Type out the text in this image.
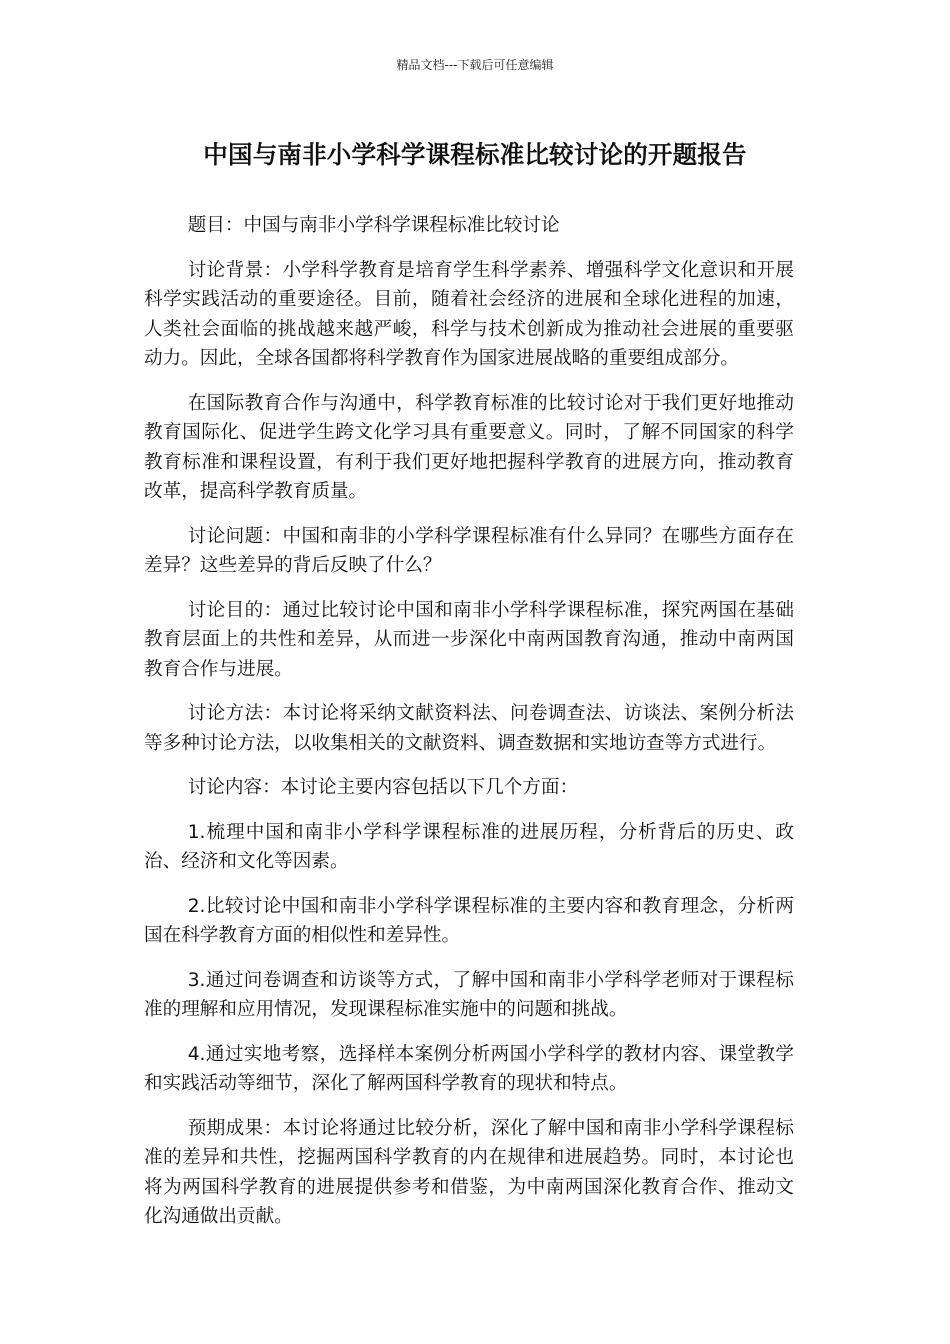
精品文档---下载后可任意编辑
中国与南非小学科学课程标准比较讨论的开题报告

题目：中国与南非小学科学课程标准比较讨论

讨论背景：小学科学教育是培育学生科学素养、增强科学文化意识和开展科学实践活动的重要途径。目前，随着社会经济的进展和全球化进程的加速，人类社会面临的挑战越来越严峻，科学与技术创新成为推动社会进展的重要驱动力。因此，全球各国都将科学教育作为国家进展战略的重要组成部分。

在国际教育合作与沟通中，科学教育标准的比较讨论对于我们更好地推动教育国际化、促进学生跨文化学习具有重要意义。同时，了解不同国家的科学教育标准和课程设置，有利于我们更好地把握科学教育的进展方向，推动教育改革，提高科学教育质量。

讨论问题：中国和南非的小学科学课程标准有什么异同？在哪些方面存在差异？这些差异的背后反映了什么？

讨论目的：通过比较讨论中国和南非小学科学课程标准，探究两国在基础教育层面上的共性和差异，从而进一步深化中南两国教育沟通，推动中南两国教育合作与进展。

讨论方法：本讨论将采纳文献资料法、问卷调查法、访谈法、案例分析法等多种讨论方法，以收集相关的文献资料、调查数据和实地访查等方式进行。

讨论内容：本讨论主要内容包括以下几个方面：

1.梳理中国和南非小学科学课程标准的进展历程，分析背后的历史、政治、经济和文化等因素。

2.比较讨论中国和南非小学科学课程标准的主要内容和教育理念，分析两国在科学教育方面的相似性和差异性。

3.通过问卷调查和访谈等方式，了解中国和南非小学科学老师对于课程标准的理解和应用情况，发现课程标准实施中的问题和挑战。

4.通过实地考察，选择样本案例分析两国小学科学的教材内容、课堂教学和实践活动等细节，深化了解两国科学教育的现状和特点。

预期成果：本讨论将通过比较分析，深化了解中国和南非小学科学课程标准的差异和共性，挖掘两国科学教育的内在规律和进展趋势。同时，本讨论也将为两国科学教育的进展提供参考和借鉴，为中南两国深化教育合作、推动文化沟通做出贡献。
